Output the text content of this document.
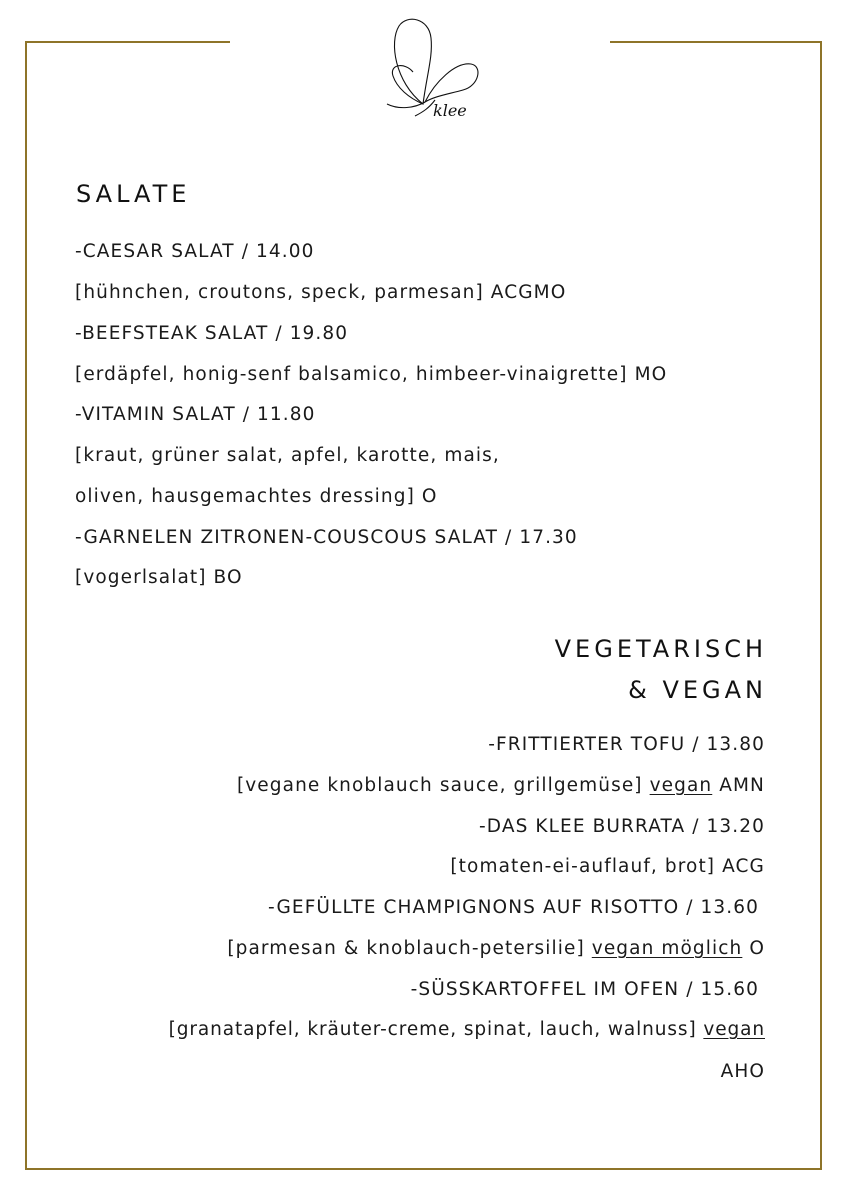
klee
SALATE
-CAESAR SALAT / 14.00
[hühnchen, croutons, speck, parmesan] ACGMO
-BEEFSTEAK SALAT / 19.80
[erdäpfel, honig-senf balsamico, himbeer-vinaigrette] MO
-VITAMIN SALAT / 11.80
[kraut, grüner salat, apfel, karotte, mais,
oliven, hausgemachtes dressing] O
-GARNELEN ZITRONEN-COUSCOUS SALAT / 17.30
[vogerlsalat] BO
VEGETARISCH
& VEGAN
-FRITTIERTER TOFU / 13.80
[vegane knoblauch sauce, grillgemüse] vegan AMN
-DAS KLEE BURRATA / 13.20
[tomaten-ei-auflauf, brot] ACG
-GEFÜLLTE CHAMPIGNONS AUF RISOTTO / 13.60
[parmesan & knoblauch-petersilie] vegan möglich O
-SÜSSKARTOFFEL IM OFEN / 15.60
[granatapfel, kräuter-creme, spinat, lauch, walnuss] vegan
AHO
